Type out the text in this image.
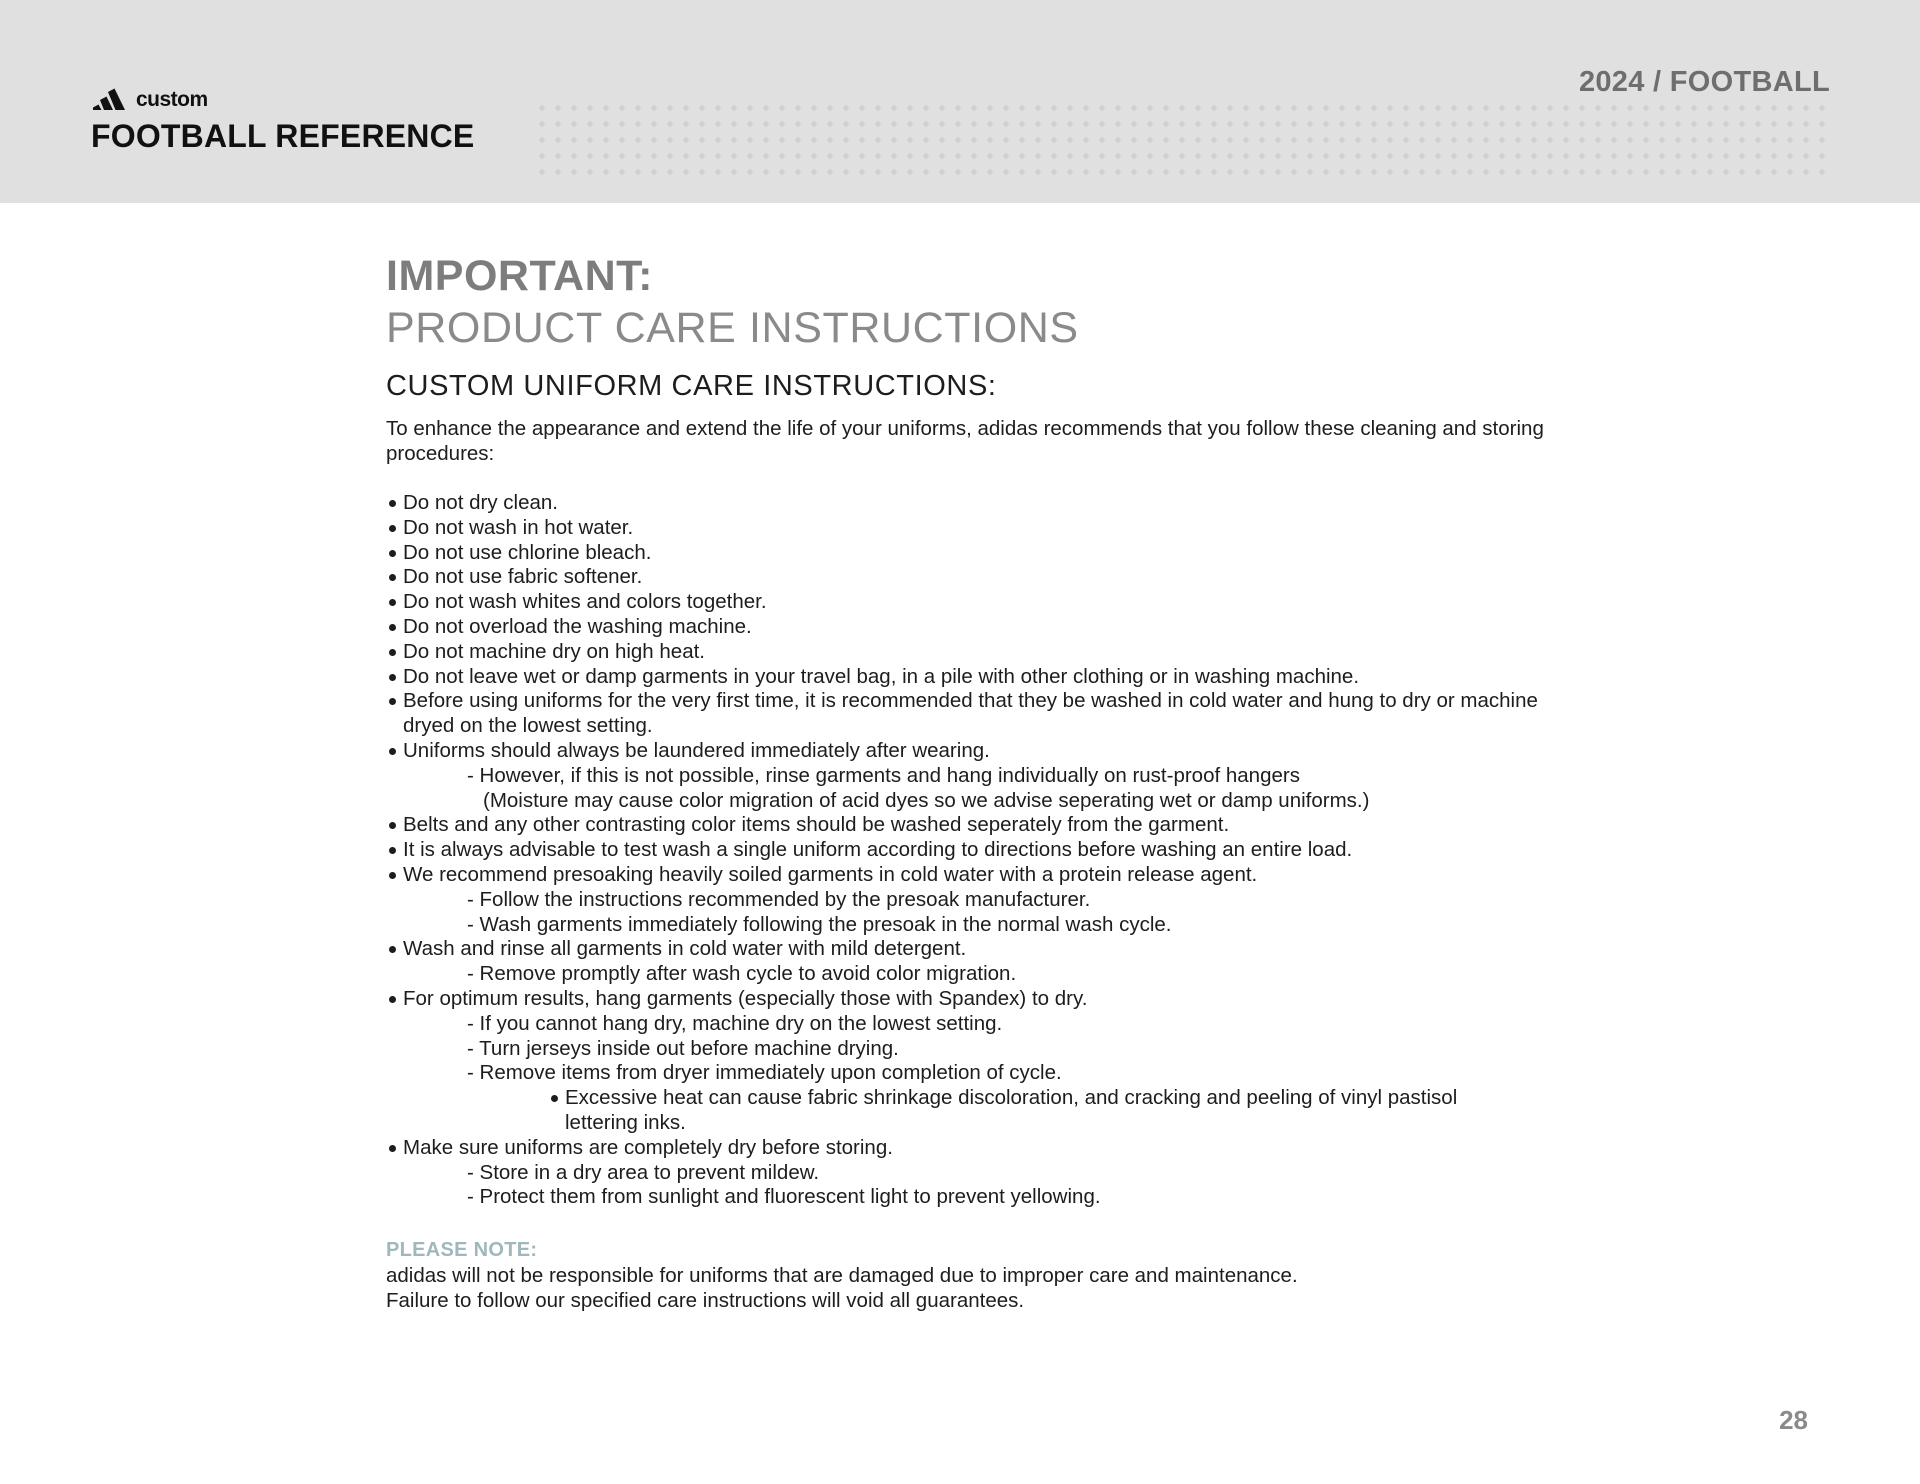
custom
FOOTBALL REFERENCE

2024 / FOOTBALL

IMPORTANT:
PRODUCT CARE INSTRUCTIONS
CUSTOM UNIFORM CARE INSTRUCTIONS:

To enhance the appearance and extend the life of your uniforms, adidas recommends that you follow these cleaning and storing procedures:

Do not dry clean.
Do not wash in hot water.
Do not use chlorine bleach.
Do not use fabric softener.
Do not wash whites and colors together.
Do not overload the washing machine.
Do not machine dry on high heat.
Do not leave wet or damp garments in your travel bag, in a pile with other clothing or in washing machine.
Before using uniforms for the very first time, it is recommended that they be washed in cold water and hung to dry or machine dryed on the lowest setting.
Uniforms should always be laundered immediately after wearing.
- However, if this is not possible, rinse garments and hang individually on rust-proof hangers
(Moisture may cause color migration of acid dyes so we advise seperating wet or damp uniforms.)
Belts and any other contrasting color items should be washed seperately from the garment.
It is always advisable to test wash a single uniform according to directions before washing an entire load.
We recommend presoaking heavily soiled garments in cold water with a protein release agent.
- Follow the instructions recommended by the presoak manufacturer.
- Wash garments immediately following the presoak in the normal wash cycle.
Wash and rinse all garments in cold water with mild detergent.
- Remove promptly after wash cycle to avoid color migration.
For optimum results, hang garments (especially those with Spandex) to dry.
- If you cannot hang dry, machine dry on the lowest setting.
- Turn jerseys inside out before machine drying.
- Remove items from dryer immediately upon completion of cycle.
Excessive heat can cause fabric shrinkage discoloration, and cracking and peeling of vinyl pastisol
lettering inks.
Make sure uniforms are completely dry before storing.
- Store in a dry area to prevent mildew.
- Protect them from sunlight and fluorescent light to prevent yellowing.

PLEASE NOTE:

adidas will not be responsible for uniforms that are damaged due to improper care and maintenance.

Failure to follow our specified care instructions will void all guarantees.

28
